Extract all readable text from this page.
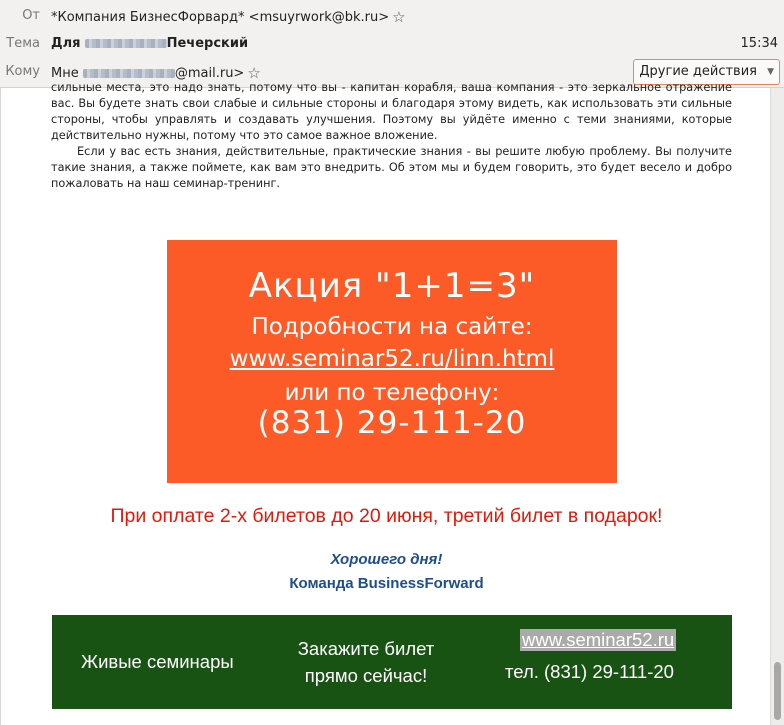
От *Компания БизнесФорвард* <msuyrwork@bk.ru> ☆
Тема Для	Печерский	15:34
Кому Мне	@mail.ru> ☆	Другие действия ▼

сильные места, это надо знать, потому что вы - капитан корабля, ваша компания - это зеркальное отражение вас. Вы будете знать свои слабые и сильные стороны и благодаря этому видеть, как использовать эти сильные стороны, чтобы управлять и создавать улучшения. Поэтому вы уйдёте именно с теми знаниями, которые действительно нужны, потому что это самое важное вложение.

Если у вас есть знания, действительные, практические знания - вы решите любую проблему. Вы получите такие знания, а также поймете, как вам это внедрить. Об этом мы и будем говорить, это будет весело и добро пожаловать на наш семинар-тренинг.

Акция "1+1=3"
Подробности на сайте:
www.seminar52.ru/linn.html
или по телефону:
(831) 29-111-20
При оплате 2-х билетов до 20 июня, третий билет в подарок!
Хорошего дня!
Команда BusinessForward
Живые семинары
Закажите билет
прямо сейчас!
www.seminar52.ru
тел. (831) 29-111-20
